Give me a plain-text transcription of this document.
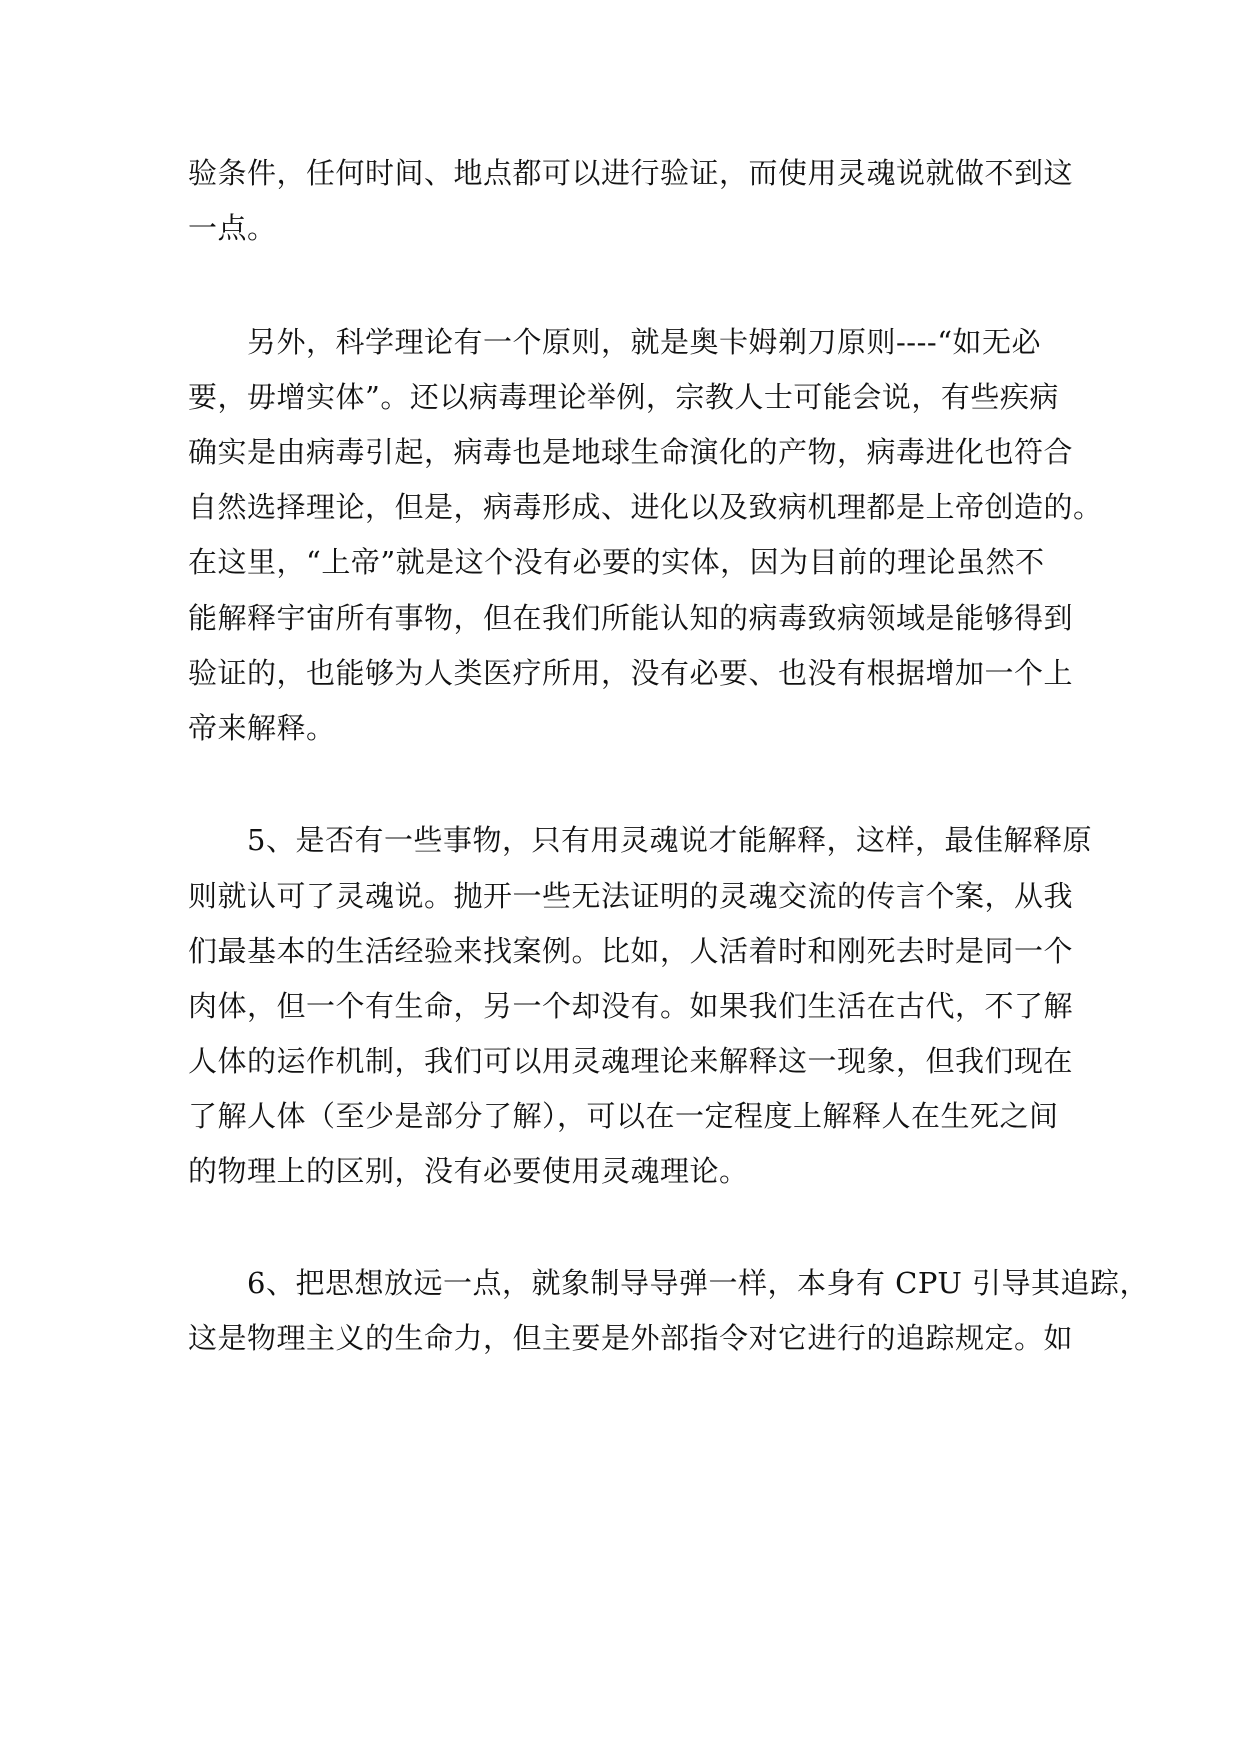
验条件，任何时间、地点都可以进行验证，而使用灵魂说就做不到这
一点。
　　另外，科学理论有一个原则，就是奥卡姆剃刀原则----“如无必
要，毋增实体”。还以病毒理论举例，宗教人士可能会说，有些疾病
确实是由病毒引起，病毒也是地球生命演化的产物，病毒进化也符合
自然选择理论，但是，病毒形成、进化以及致病机理都是上帝创造的。
在这里，“上帝”就是这个没有必要的实体，因为目前的理论虽然不
能解释宇宙所有事物，但在我们所能认知的病毒致病领域是能够得到
验证的，也能够为人类医疗所用，没有必要、也没有根据增加一个上
帝来解释。
　　5、是否有一些事物，只有用灵魂说才能解释，这样，最佳解释原
则就认可了灵魂说。抛开一些无法证明的灵魂交流的传言个案，从我
们最基本的生活经验来找案例。比如，人活着时和刚死去时是同一个
肉体，但一个有生命，另一个却没有。如果我们生活在古代，不了解
人体的运作机制，我们可以用灵魂理论来解释这一现象，但我们现在
了解人体（至少是部分了解），可以在一定程度上解释人在生死之间
的物理上的区别，没有必要使用灵魂理论。
　　6、把思想放远一点，就象制导导弹一样，本身有 CPU 引导其追踪，
这是物理主义的生命力，但主要是外部指令对它进行的追踪规定。如
